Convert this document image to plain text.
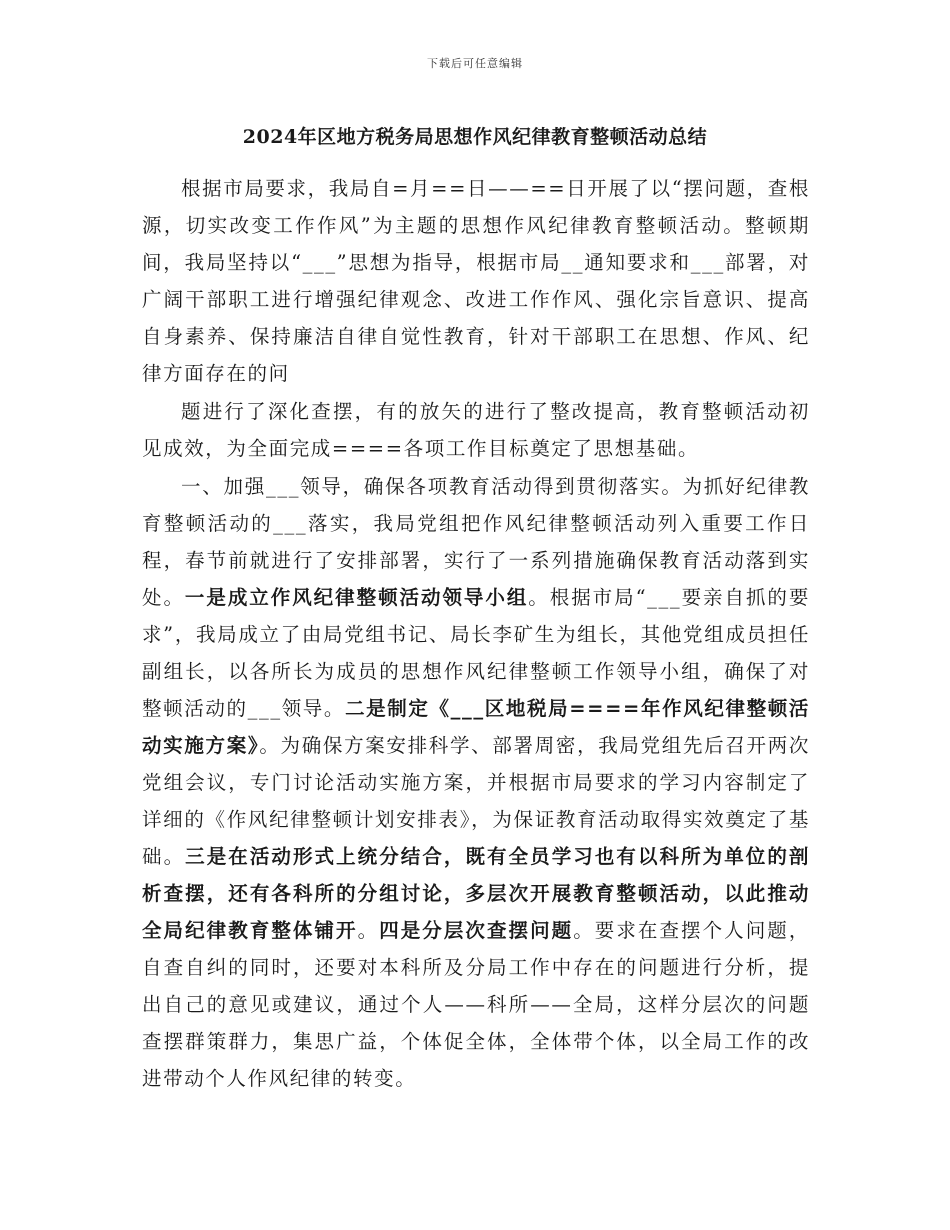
下载后可任意编辑
2024年区地方税务局思想作风纪律教育整顿活动总结

根据市局要求，我局自=月==日——==日开展了以“摆问题，查根源，切实改变工作作风”为主题的思想作风纪律教育整顿活动。整顿期间，我局坚持以“___”思想为指导，根据市局__通知要求和___部署，对广阔干部职工进行增强纪律观念、改进工作作风、强化宗旨意识、提高自身素养、保持廉洁自律自觉性教育，针对干部职工在思想、作风、纪律方面存在的问

题进行了深化查摆，有的放矢的进行了整改提高，教育整顿活动初见成效，为全面完成====各项工作目标奠定了思想基础。

一、加强___领导，确保各项教育活动得到贯彻落实。为抓好纪律教育整顿活动的___落实，我局党组把作风纪律整顿活动列入重要工作日程，春节前就进行了安排部署，实行了一系列措施确保教育活动落到实处。一是成立作风纪律整顿活动领导小组。根据市局“___要亲自抓的要求”，我局成立了由局党组书记、局长李矿生为组长，其他党组成员担任副组长，以各所长为成员的思想作风纪律整顿工作领导小组，确保了对整顿活动的___领导。二是制定《___区地税局====年作风纪律整顿活动实施方案》。为确保方案安排科学、部署周密，我局党组先后召开两次党组会议，专门讨论活动实施方案，并根据市局要求的学习内容制定了详细的《作风纪律整顿计划安排表》，为保证教育活动取得实效奠定了基础。三是在活动形式上统分结合，既有全员学习也有以科所为单位的剖析查摆，还有各科所的分组讨论，多层次开展教育整顿活动，以此推动全局纪律教育整体铺开。四是分层次查摆问题。要求在查摆个人问题，自查自纠的同时，还要对本科所及分局工作中存在的问题进行分析，提出自己的意见或建议，通过个人——科所——全局，这样分层次的问题查摆群策群力，集思广益，个体促全体，全体带个体，以全局工作的改进带动个人作风纪律的转变。
